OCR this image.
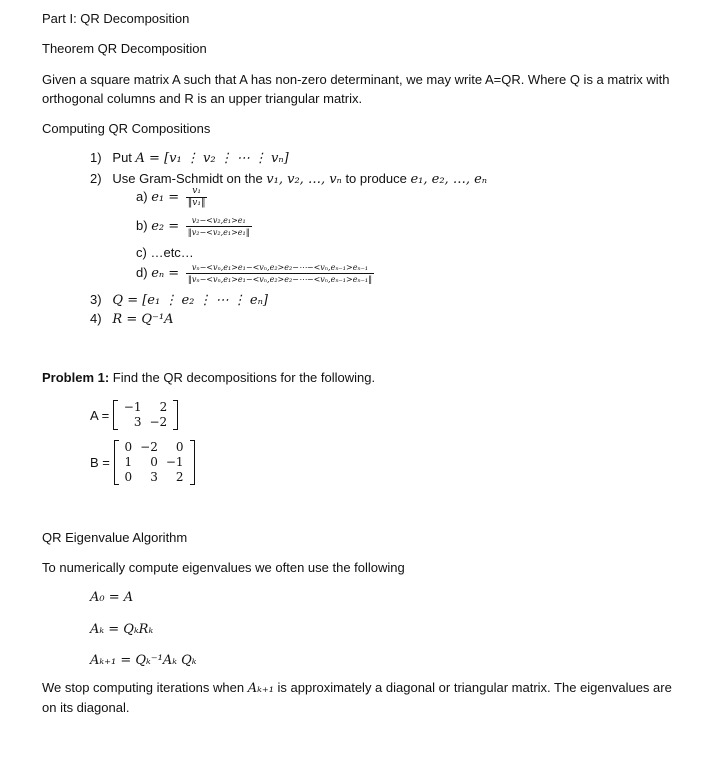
Part I: QR Decomposition
Theorem QR Decomposition
Given a square matrix A such that A has non-zero determinant, we may write A=QR. Where Q is a matrix with orthogonal columns and R is an upper triangular matrix.
Computing QR Compositions
1) Put A = [v₁ ⋮ v₂ ⋮ ⋯ ⋮ vₙ]
2) Use Gram-Schmidt on the v₁, v₂, …, vₙ to produce e₁, e₂, …, eₙ
a) $e_1 = \frac{\text{v₁}}{\text{‖v₁‖}}$
b) $e_2 = \frac{\text{v₂−<v₂,e₁>e₁}}{\text{‖v₂−<v₂,e₁>e₁‖}}$
c) …etc…
d) $e_n = \frac{\text{vₙ−<vₙ,e₁>e₁−<vₙ,e₂>e₂−⋯−<vₙ,eₙ₋₁>eₙ₋₁}}{\text{‖vₙ−<vₙ,e₁>e₁−<vₙ,e₂>e₂−⋯−<vₙ,eₙ₋₁>eₙ₋₁‖}}$
3) Q = [e₁ ⋮ e₂ ⋮ ⋯ ⋮ eₙ]
4) R = Q⁻¹A
Problem 1: Find the QR decompositions for the following.
A =
−1	2
3	−2
B =
0	−2	0
1	0	−1
0	3	2
QR Eigenvalue Algorithm
To numerically compute eigenvalues we often use the following
A₀ = A
Aₖ = QₖRₖ
Aₖ₊₁ = Qₖ⁻¹Aₖ Qₖ
We stop computing iterations when Aₖ₊₁ is approximately a diagonal or triangular matrix. The eigenvalues are on its diagonal.
